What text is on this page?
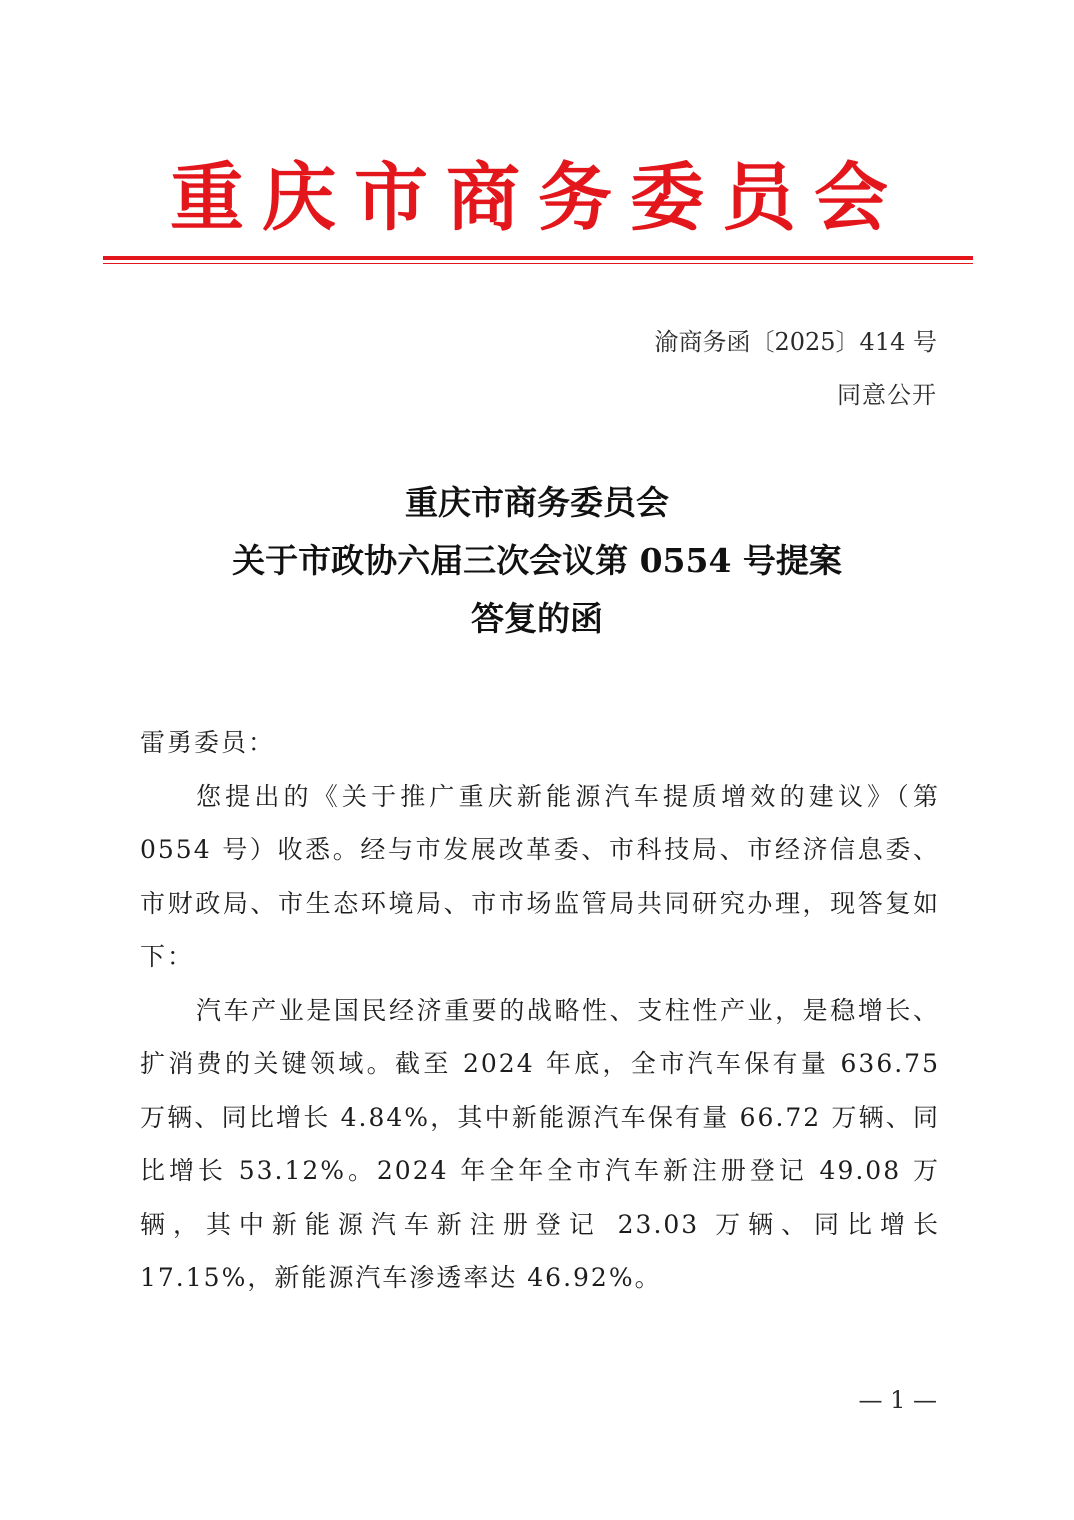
重庆市商务委员会
渝商务函〔2025〕414 号
同意公开
重庆市商务委员会
关于市政协六届三次会议第 0554 号提案
答复的函

雷勇委员：

您提出的《关于推广重庆新能源汽车提质增效的建议》（第 0554 号）收悉。经与市发展改革委、市科技局、市经济信息委、市财政局、市生态环境局、市市场监管局共同研究办理，现答复如下：

汽车产业是国民经济重要的战略性、支柱性产业，是稳增长、扩消费的关键领域。截至 2024 年底，全市汽车保有量 636.75 万辆、同比增长 4.84%，其中新能源汽车保有量 66.72 万辆、同比增长 53.12%。2024 年全年全市汽车新注册登记 49.08 万辆，其中新能源汽车新注册登记 23.03 万辆、同比增长 17.15%，新能源汽车渗透率达 46.92%。

— 1 —
